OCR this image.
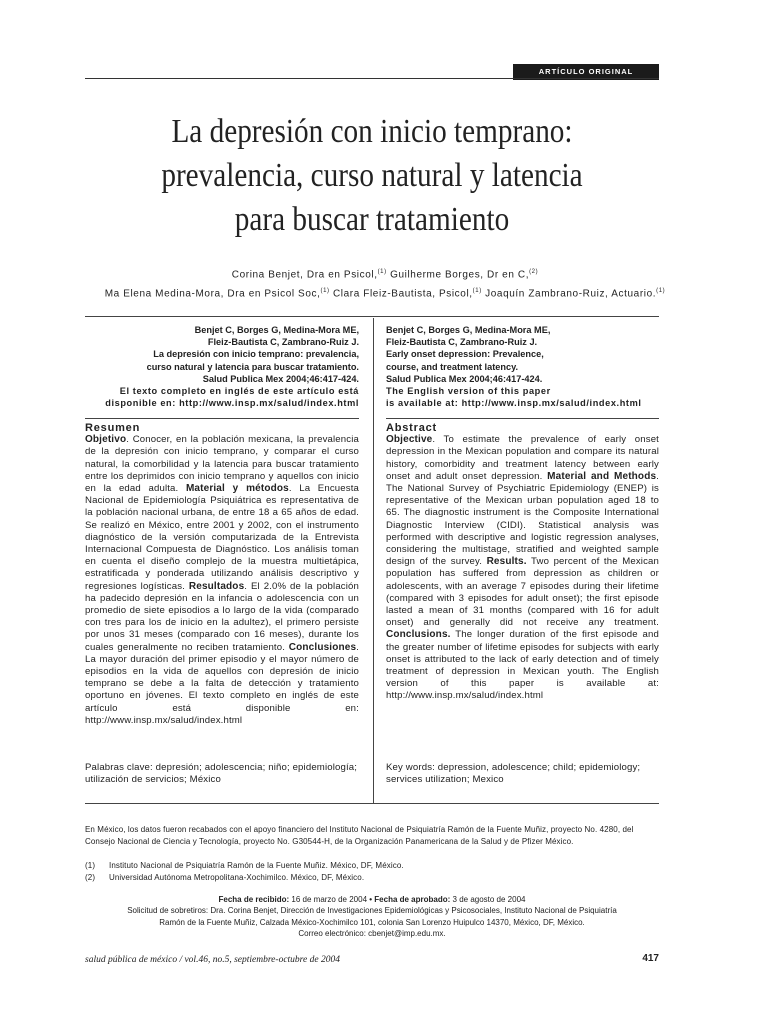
ARTÍCULO ORIGINAL
La depresión con inicio temprano:
prevalencia, curso natural y latencia
para buscar tratamiento
Corina Benjet, Dra en Psicol,$^{(1)}$ Guilherme Borges, Dr en C,$^{(2)}$
Ma Elena Medina-Mora, Dra en Psicol Soc,$^{(1)}$ Clara Fleiz-Bautista, Psicol,$^{(1)}$ Joaquín Zambrano-Ruiz, Actuario.$^{(1)}$
Benjet C, Borges G, Medina-Mora ME,
Fleiz-Bautista C, Zambrano-Ruiz J.
La depresión con inicio temprano: prevalencia,
curso natural y latencia para buscar tratamiento.
Salud Publica Mex 2004;46:417-424.
El texto completo en inglés de este artículo está
disponible en: http://www.insp.mx/salud/index.html
Benjet C, Borges G, Medina-Mora ME,
Fleiz-Bautista C, Zambrano-Ruiz J.
Early onset depression: Prevalence,
course, and treatment latency.
Salud Publica Mex 2004;46:417-424.
The English version of this paper
is available at: http://www.insp.mx/salud/index.html
Resumen
Objetivo. Conocer, en la población mexicana, la prevalencia de la depresión con inicio temprano, y comparar el curso natural, la comorbilidad y la latencia para buscar tratamiento entre los deprimidos con inicio temprano y aquellos con inicio en la edad adulta. Material y métodos. La Encuesta Nacional de Epidemiología Psiquiátrica es representativa de la población nacional urbana, de entre 18 a 65 años de edad. Se realizó en México, entre 2001 y 2002, con el instrumento diagnóstico de la versión computarizada de la Entrevista Internacional Compuesta de Diagnóstico. Los análisis toman en cuenta el diseño complejo de la muestra multietápica, estratificada y ponderada utilizando análisis descriptivo y regresiones logísticas. Resultados. El 2.0% de la población ha padecido depresión en la infancia o adolescencia con un promedio de siete episodios a lo largo de la vida (comparado con tres para los de inicio en la adultez), el primero persiste por unos 31 meses (comparado con 16 meses), durante los cuales generalmente no reciben tratamiento. Conclusiones. La mayor duración del primer episodio y el mayor número de episodios en la vida de aquellos con depresión de inicio temprano se debe a la falta de detección y tratamiento oportuno en jóvenes. El texto completo en inglés de este artículo está disponible en: http://www.insp.mx/salud/index.html
Abstract
Objective. To estimate the prevalence of early onset depression in the Mexican population and compare its natural history, comorbidity and treatment latency between early onset and adult onset depression. Material and Methods. The National Survey of Psychiatric Epidemiology (ENEP) is representative of the Mexican urban population aged 18 to 65. The diagnostic instrument is the Composite International Diagnostic Interview (CIDI). Statistical analysis was performed with descriptive and logistic regression analyses, considering the multistage, stratified and weighted sample design of the survey. Results. Two percent of the Mexican population has suffered from depression as children or adolescents, with an average 7 episodes during their lifetime (compared with 3 episodes for adult onset); the first episode lasted a mean of 31 months (compared with 16 for adult onset) and generally did not receive any treatment. Conclusions. The longer duration of the first episode and the greater number of lifetime episodes for subjects with early onset is attributed to the lack of early detection and of timely treatment of depression in Mexican youth. The English version of this paper is available at: http://www.insp.mx/salud/index.html
Palabras clave: depresión; adolescencia; niño; epidemiología; utilización de servicios; México
Key words: depression, adolescence; child; epidemiology; services utilization; Mexico

En México, los datos fueron recabados con el apoyo financiero del Instituto Nacional de Psiquiatría Ramón de la Fuente Muñiz, proyecto No. 4280, del Consejo Nacional de Ciencia y Tecnología, proyecto No. G30544-H, de la Organización Panamericana de la Salud y de Pfizer México.

(1)	Instituto Nacional de Psiquiatría Ramón de la Fuente Muñiz. México, DF, México.
(2)	Universidad Autónoma Metropolitana-Xochimilco. México, DF, México.
Fecha de recibido: 16 de marzo de 2004 • Fecha de aprobado: 3 de agosto de 2004
Solicitud de sobretiros: Dra. Corina Benjet, Dirección de Investigaciones Epidemiológicas y Psicosociales, Instituto Nacional de Psiquiatría
Ramón de la Fuente Muñiz, Calzada México-Xochimilco 101, colonia San Lorenzo Huipulco 14370, México, DF, México.
Correo electrónico: cbenjet@imp.edu.mx.
salud pública de méxico / vol.46, no.5, septiembre-octubre de 2004	417
